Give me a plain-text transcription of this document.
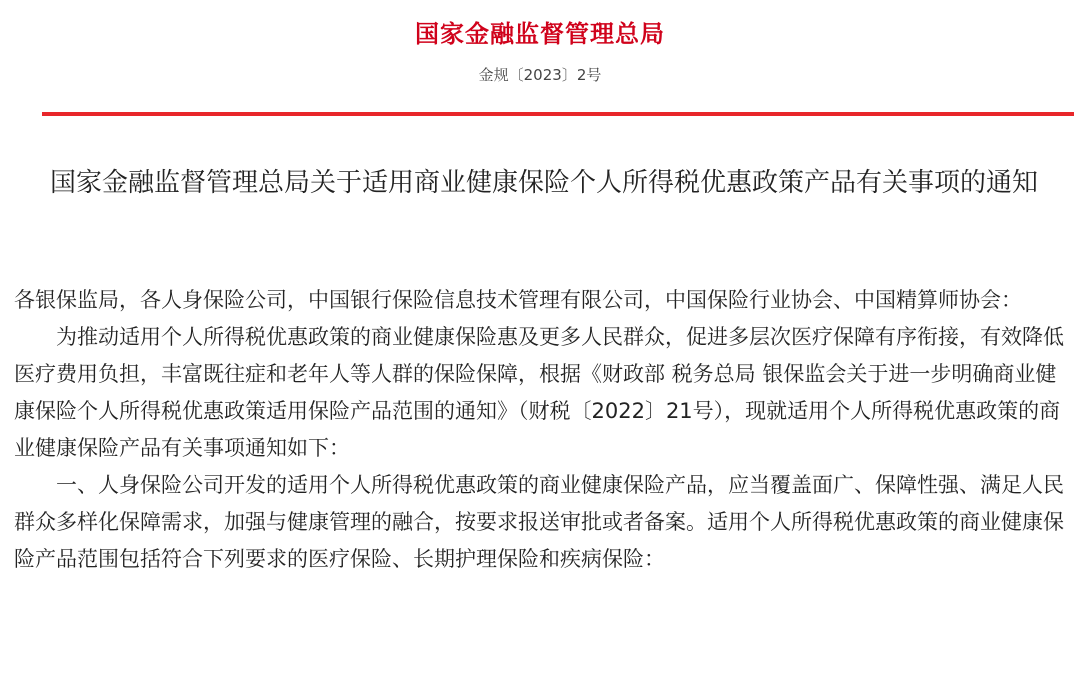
国家金融监督管理总局
金规〔2023〕2号
国家金融监督管理总局关于适用商业健康保险个人所得税优惠政策产品有关事项的通知

各银保监局，各人身保险公司，中国银行保险信息技术管理有限公司，中国保险行业协会、中国精算师协会：

为推动适用个人所得税优惠政策的商业健康保险惠及更多人民群众，促进多层次医疗保障有序衔接，有效降低医疗费用负担，丰富既往症和老年人等人群的保险保障，根据《财政部 税务总局 银保监会关于进一步明确商业健康保险个人所得税优惠政策适用保险产品范围的通知》（财税〔2022〕21号），现就适用个人所得税优惠政策的商业健康保险产品有关事项通知如下：

一、人身保险公司开发的适用个人所得税优惠政策的商业健康保险产品，应当覆盖面广、保障性强、满足人民群众多样化保障需求，加强与健康管理的融合，按要求报送审批或者备案。适用个人所得税优惠政策的商业健康保险产品范围包括符合下列要求的医疗保险、长期护理保险和疾病保险：
